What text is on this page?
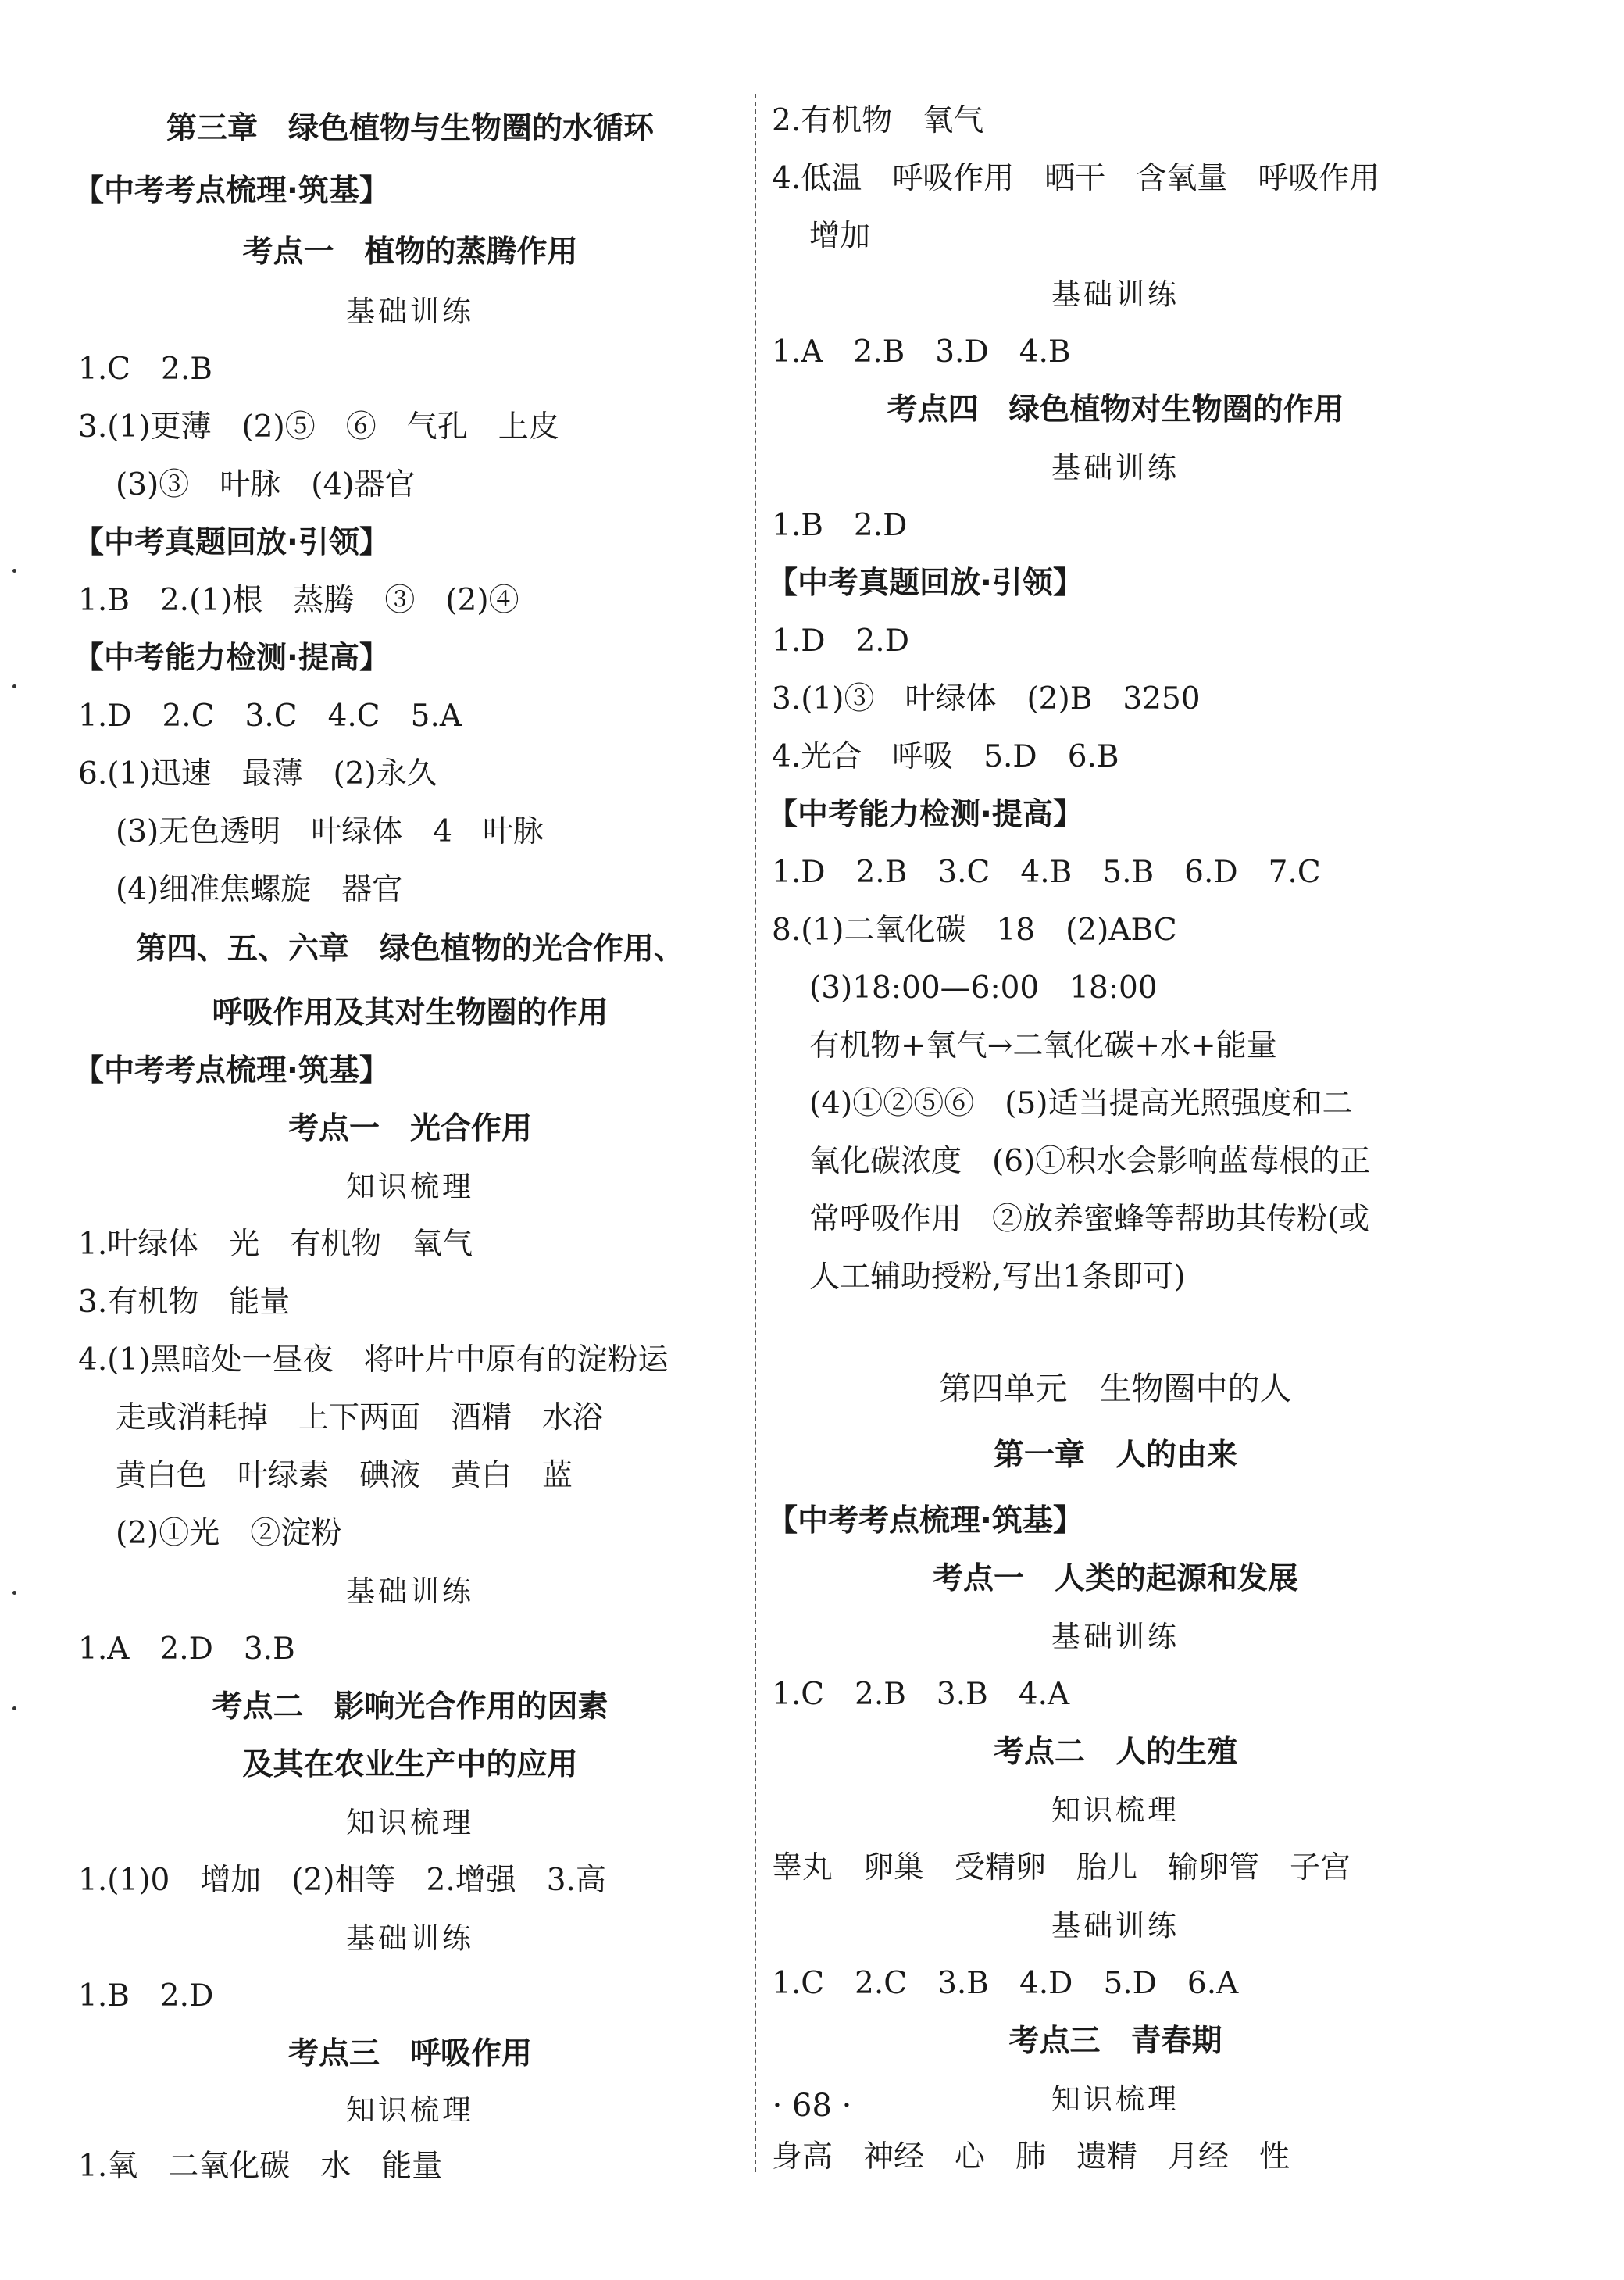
第三章　绿色植物与生物圈的水循环
【中考考点梳理·筑基】
考点一　植物的蒸腾作用
基础训练
1.C　2.B
3.(1)更薄　(2)⑤　⑥　气孔　上皮
(3)③　叶脉　(4)器官
【中考真题回放·引领】
1.B　2.(1)根　蒸腾　③　(2)④
【中考能力检测·提高】
1.D　2.C　3.C　4.C　5.A
6.(1)迅速　最薄　(2)永久
(3)无色透明　叶绿体　4　叶脉
(4)细准焦螺旋　器官
第四、五、六章　绿色植物的光合作用、
呼吸作用及其对生物圈的作用
【中考考点梳理·筑基】
考点一　光合作用
知识梳理
1.叶绿体　光　有机物　氧气
3.有机物　能量
4.(1)黑暗处一昼夜　将叶片中原有的淀粉运
走或消耗掉　上下两面　酒精　水浴
黄白色　叶绿素　碘液　黄白　蓝
(2)①光　②淀粉
基础训练
1.A　2.D　3.B
考点二　影响光合作用的因素
及其在农业生产中的应用
知识梳理
1.(1)0　增加　(2)相等　2.增强　3.高
基础训练
1.B　2.D
考点三　呼吸作用
知识梳理
1.氧　二氧化碳　水　能量
2.有机物　氧气
4.低温　呼吸作用　晒干　含氧量　呼吸作用
增加
基础训练
1.A　2.B　3.D　4.B
考点四　绿色植物对生物圈的作用
基础训练
1.B　2.D
【中考真题回放·引领】
1.D　2.D
3.(1)③　叶绿体　(2)B　3250
4.光合　呼吸　5.D　6.B
【中考能力检测·提高】
1.D　2.B　3.C　4.B　5.B　6.D　7.C
8.(1)二氧化碳　18　(2)ABC
(3)18:00—6:00　18:00
有机物+氧气→二氧化碳+水+能量
(4)①②⑤⑥　(5)适当提高光照强度和二
氧化碳浓度　(6)①积水会影响蓝莓根的正
常呼吸作用　②放养蜜蜂等帮助其传粉(或
人工辅助授粉,写出1条即可)
第四单元　生物圈中的人
第一章　人的由来
【中考考点梳理·筑基】
考点一　人类的起源和发展
基础训练
1.C　2.B　3.B　4.A
考点二　人的生殖
知识梳理
睾丸　卵巢　受精卵　胎儿　输卵管　子宫
基础训练
1.C　2.C　3.B　4.D　5.D　6.A
考点三　青春期
知识梳理
身高　神经　心　肺　遗精　月经　性
· 68 ·
